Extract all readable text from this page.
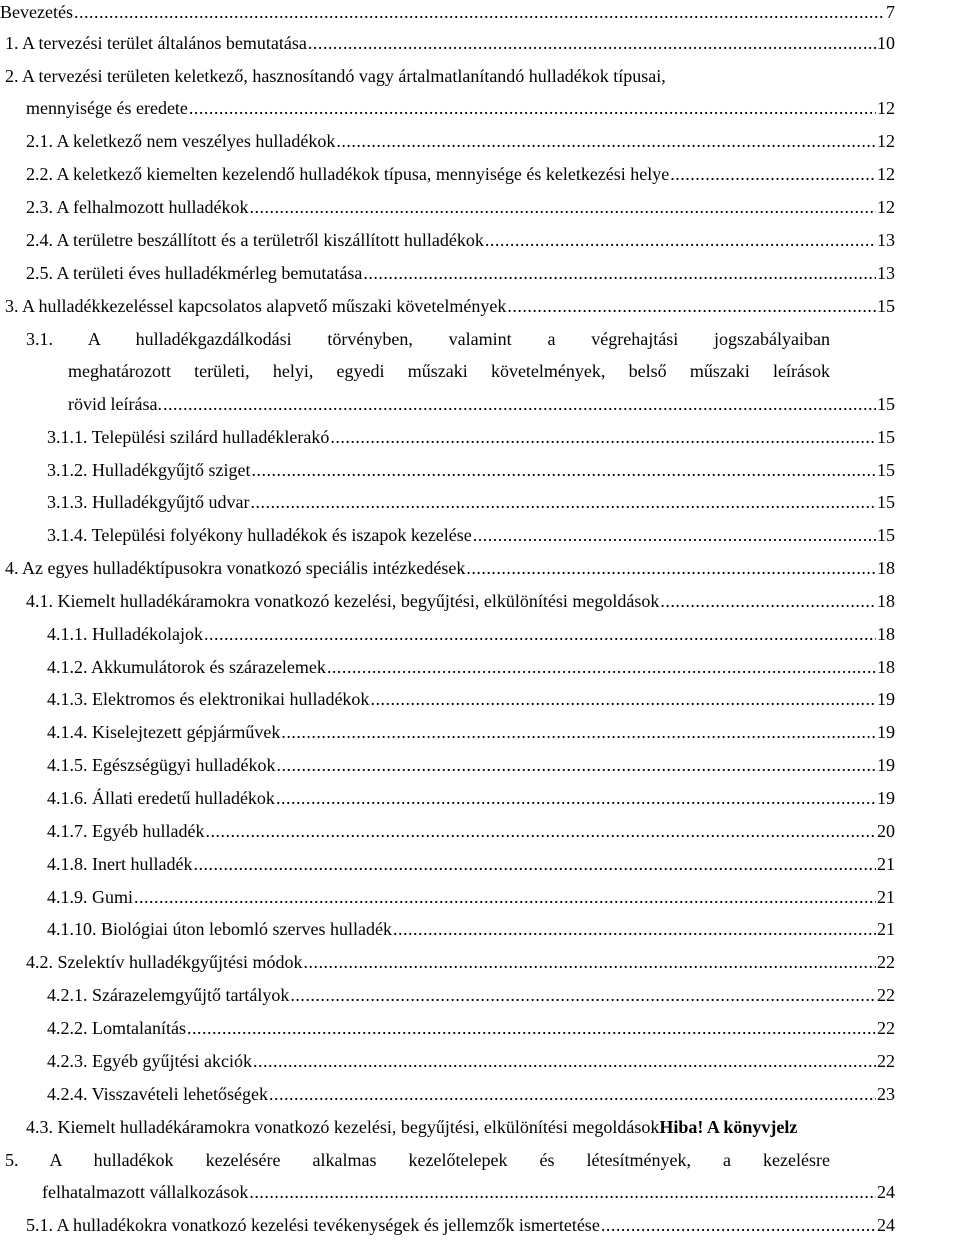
Bevezetés .....	7
1. A tervezési terület általános bemutatása .....	10
2. A tervezési területen keletkező, hasznosítandó vagy ártalmatlanítandó hulladékok típusai,
mennyisége és eredete .....	12
2.1. A keletkező nem veszélyes hulladékok .....	12
2.2. A keletkező kiemelten kezelendő hulladékok típusa, mennyisége és keletkezési helye .....	12
2.3. A felhalmozott hulladékok .....	12
2.4. A területre beszállított és a területről kiszállított hulladékok .....	13
2.5. A területi éves hulladékmérleg bemutatása .....	13
3. A hulladékkezeléssel kapcsolatos alapvető műszaki követelmények .....	15
3.1. A hulladékgazdálkodási törvényben, valamint a végrehajtási jogszabályaiban
meghatározott területi, helyi, egyedi műszaki követelmények, belső műszaki leírások
rövid leírása. .....	15
3.1.1. Települési szilárd hulladéklerakó .....	15
3.1.2. Hulladékgyűjtő sziget .....	15
3.1.3. Hulladékgyűjtő udvar .....	15
3.1.4. Települési folyékony hulladékok és iszapok kezelése .....	15
4. Az egyes hulladéktípusokra vonatkozó speciális intézkedések .....	18
4.1. Kiemelt hulladékáramokra vonatkozó kezelési, begyűjtési, elkülönítési megoldások .....	18
4.1.1. Hulladékolajok .....	18
4.1.2. Akkumulátorok és szárazelemek .....	18
4.1.3. Elektromos és elektronikai hulladékok .....	19
4.1.4. Kiselejtezett gépjárművek .....	19
4.1.5. Egészségügyi hulladékok .....	19
4.1.6. Állati eredetű hulladékok .....	19
4.1.7. Egyéb hulladék .....	20
4.1.8. Inert hulladék .....	21
4.1.9. Gumi .....	21
4.1.10. Biológiai úton lebomló szerves hulladék .....	21
4.2. Szelektív hulladékgyűjtési módok .....	22
4.2.1. Szárazelemgyűjtő tartályok .....	22
4.2.2. Lomtalanítás .....	22
4.2.3. Egyéb gyűjtési akciók .....	22
4.2.4. Visszavételi lehetőségek .....	23
4.3. Kiemelt hulladékáramokra vonatkozó kezelési, begyűjtési, elkülönítési megoldásokHiba! A könyvjelz
5. A hulladékok kezelésére alkalmas kezelőtelepek és létesítmények, a kezelésre
felhatalmazott vállalkozások .....	24
5.1. A hulladékokra vonatkozó kezelési tevékenységek és jellemzők ismertetése .....	24
